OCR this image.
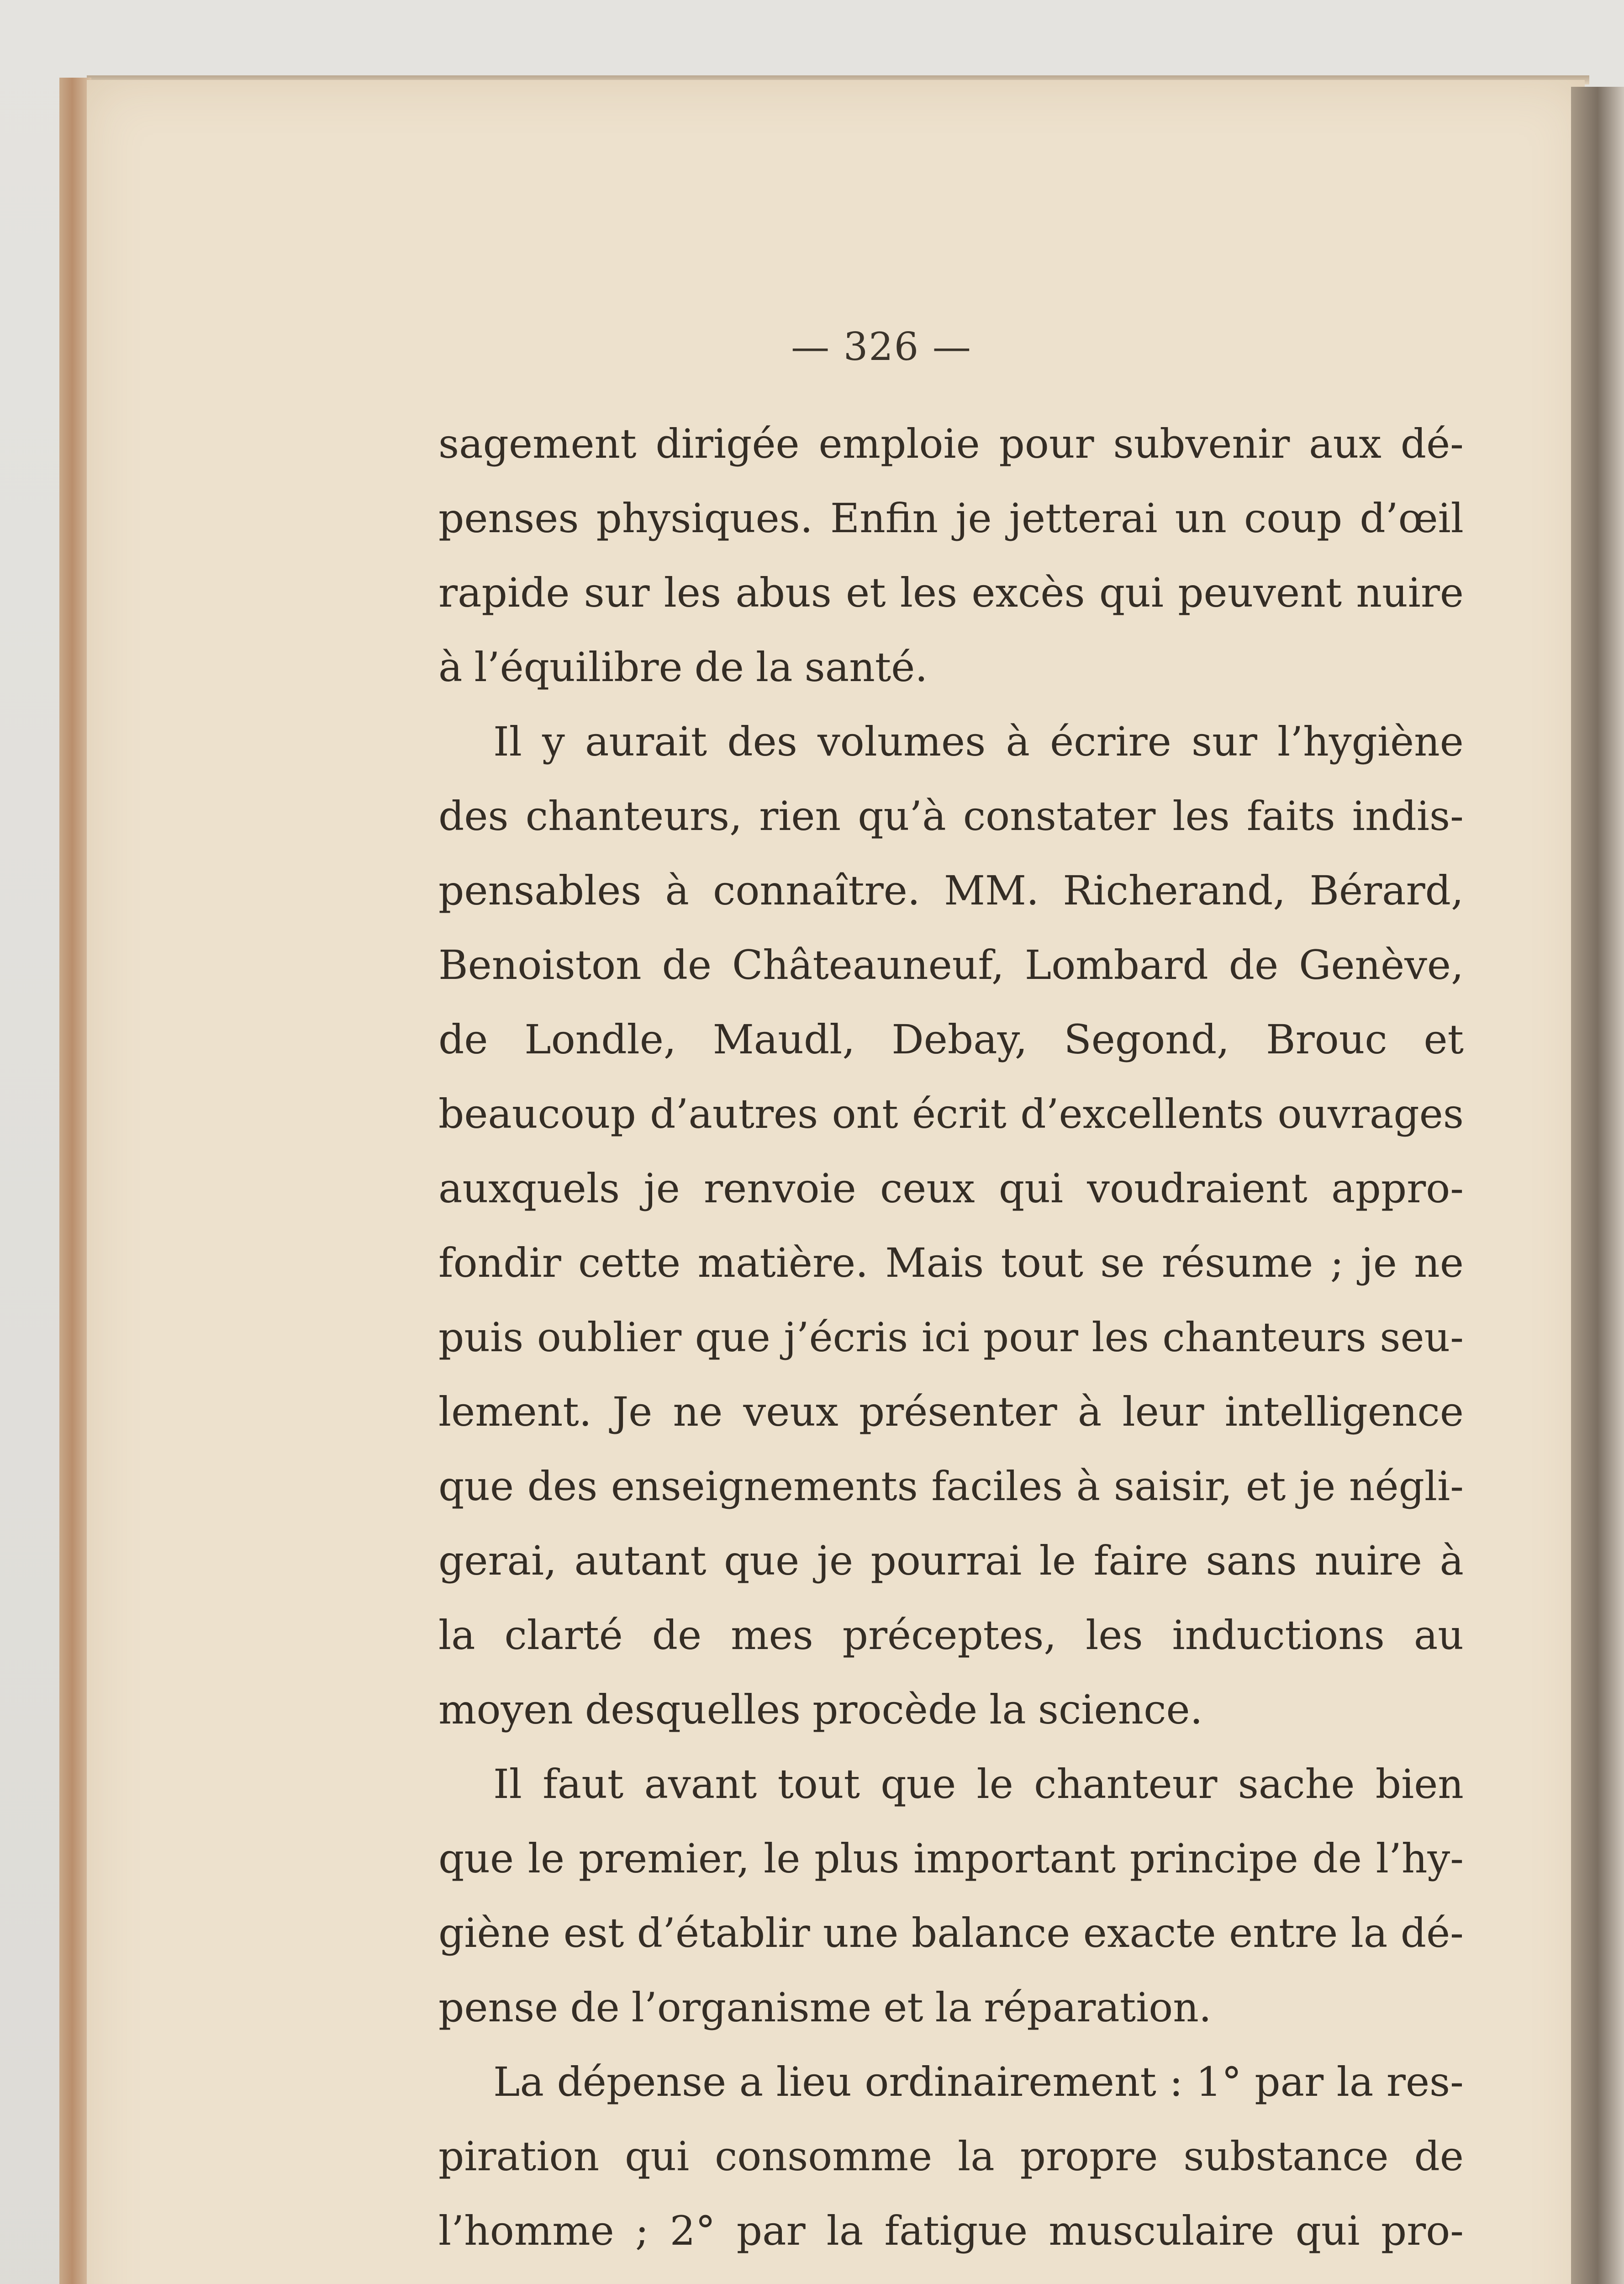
— 326 —
sagement dirigée emploie pour subvenir aux dé-
penses physiques. Enfin je jetterai un coup d’œil
rapide sur les abus et les excès qui peuvent nuire
à l’équilibre de la santé.
Il y aurait des volumes à écrire sur l’hygiène
des chanteurs, rien qu’à constater les faits indis-
pensables à connaître. MM. Richerand, Bérard,
Benoiston de Châteauneuf, Lombard de Genève,
de Londle, Maudl, Debay, Segond, Brouc et
beaucoup d’autres ont écrit d’excellents ouvrages
auxquels je renvoie ceux qui voudraient appro-
fondir cette matière. Mais tout se résume ; je ne
puis oublier que j’écris ici pour les chanteurs seu-
lement. Je ne veux présenter à leur intelligence
que des enseignements faciles à saisir, et je négli-
gerai, autant que je pourrai le faire sans nuire à
la clarté de mes préceptes, les inductions au
moyen desquelles procède la science.
Il faut avant tout que le chanteur sache bien
que le premier, le plus important principe de l’hy-
giène est d’établir une balance exacte entre la dé-
pense de l’organisme et la réparation.
La dépense a lieu ordinairement : 1° par la res-
piration qui consomme la propre substance de
l’homme ; 2° par la fatigue musculaire qui pro-
